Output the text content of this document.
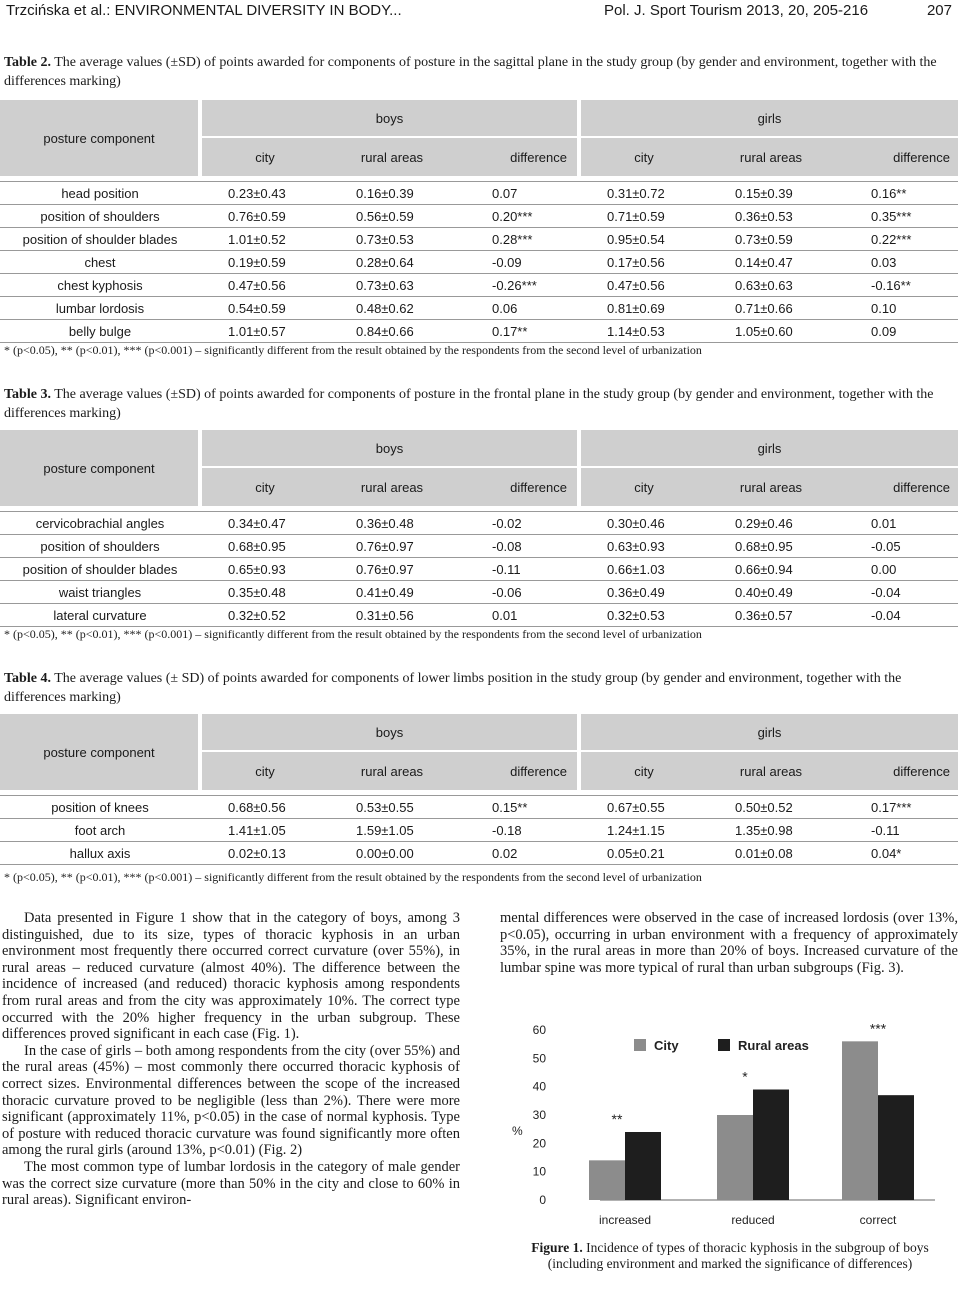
Trzcińska et al.: ENVIRONMENTAL DIVERSITY IN BODY...	Pol. J. Sport Tourism 2013, 20, 205-216	207
Table 2. The average values (±SD) of points awarded for components of posture in the sagittal plane in the study group (by gender and environment, together with the differences marking)
posture component	boys			girls		
	city	rural areas	difference	city	rural areas	difference

head position	0.23±0.43	0.16±0.39	0.07	0.31±0.72	0.15±0.39	0.16**
position of shoulders	0.76±0.59	0.56±0.59	0.20***	0.71±0.59	0.36±0.53	0.35***
position of shoulder blades	1.01±0.52	0.73±0.53	0.28***	0.95±0.54	0.73±0.59	0.22***
chest	0.19±0.59	0.28±0.64	-0.09	0.17±0.56	0.14±0.47	0.03
chest kyphosis	0.47±0.56	0.73±0.63	-0.26***	0.47±0.56	0.63±0.63	-0.16**
lumbar lordosis	0.54±0.59	0.48±0.62	0.06	0.81±0.69	0.71±0.66	0.10
belly bulge	1.01±0.57	0.84±0.66	0.17**	1.14±0.53	1.05±0.60	0.09
* (p<0.05), ** (p<0.01), *** (p<0.001) – significantly different from the result obtained by the respondents from the second level of urbanization
Table 3. The average values (±SD) of points awarded for components of posture in the frontal plane in the study group (by gender and environment, together with the differences marking)
posture component	boys			girls		
	city	rural areas	difference	city	rural areas	difference

cervicobrachial angles	0.34±0.47	0.36±0.48	-0.02	0.30±0.46	0.29±0.46	0.01
position of shoulders	0.68±0.95	0.76±0.97	-0.08	0.63±0.93	0.68±0.95	-0.05
position of shoulder blades	0.65±0.93	0.76±0.97	-0.11	0.66±1.03	0.66±0.94	0.00
waist triangles	0.35±0.48	0.41±0.49	-0.06	0.36±0.49	0.40±0.49	-0.04
lateral curvature	0.32±0.52	0.31±0.56	0.01	0.32±0.53	0.36±0.57	-0.04
* (p<0.05), ** (p<0.01), *** (p<0.001) – significantly different from the result obtained by the respondents from the second level of urbanization
Table 4. The average values (± SD) of points awarded for components of lower limbs position in the study group (by gender and environment, together with the differences marking)
posture component	boys			girls		
	city	rural areas	difference	city	rural areas	difference

position of knees	0.68±0.56	0.53±0.55	0.15**	0.67±0.55	0.50±0.52	0.17***
foot arch	1.41±1.05	1.59±1.05	-0.18	1.24±1.15	1.35±0.98	-0.11
hallux axis	0.02±0.13	0.00±0.00	0.02	0.05±0.21	0.01±0.08	0.04*
* (p<0.05), ** (p<0.01), *** (p<0.001) – significantly different from the result obtained by the respondents from the second level of urbanization

Data presented in Figure 1 show that in the category of boys, among 3 distinguished, due to its size, types of thoracic kyphosis in an urban environment most frequently there occurred correct curvature (over 55%), in rural areas – reduced curvature (almost 40%). The difference between the incidence of increased (and reduced) thoracic kyphosis among respondents from rural areas and from the city was approximately 10%. The correct type occurred with the 20% higher frequency in the urban subgroup. These differences proved significant in each case (Fig. 1).

In the case of girls – both among respondents from the city (over 55%) and the rural areas (45%) – most commonly there occurred thoracic kyphosis of correct sizes. Environmental differences between the scope of the increased thoracic curvature proved to be negligible (less than 2%). There were more significant (approximately 11%, p<0.05) in the case of normal kyphosis. Type of posture with reduced thoracic curvature was found significantly more often among the rural girls (around 13%, p<0.01) (Fig. 2)

The most common type of lumbar lordosis in the category of male gender was the correct size curvature (more than 50% in the city and close to 60% in rural areas). Significant environ-

mental differences were observed in the case of increased lordosis (over 13%, p<0.05), occurring in urban environment with a frequency of approximately 35%, in the rural areas in more than 20% of boys. Increased curvature of the lumbar spine was more typical of rural than urban subgroups (Fig. 3).

0
10
20
30
40
50
60
%
increased
**
reduced
*
correct
***
City	Rural areas
Figure 1. Incidence of types of thoracic kyphosis in the subgroup of boys (including environment and marked the significance of differences)
